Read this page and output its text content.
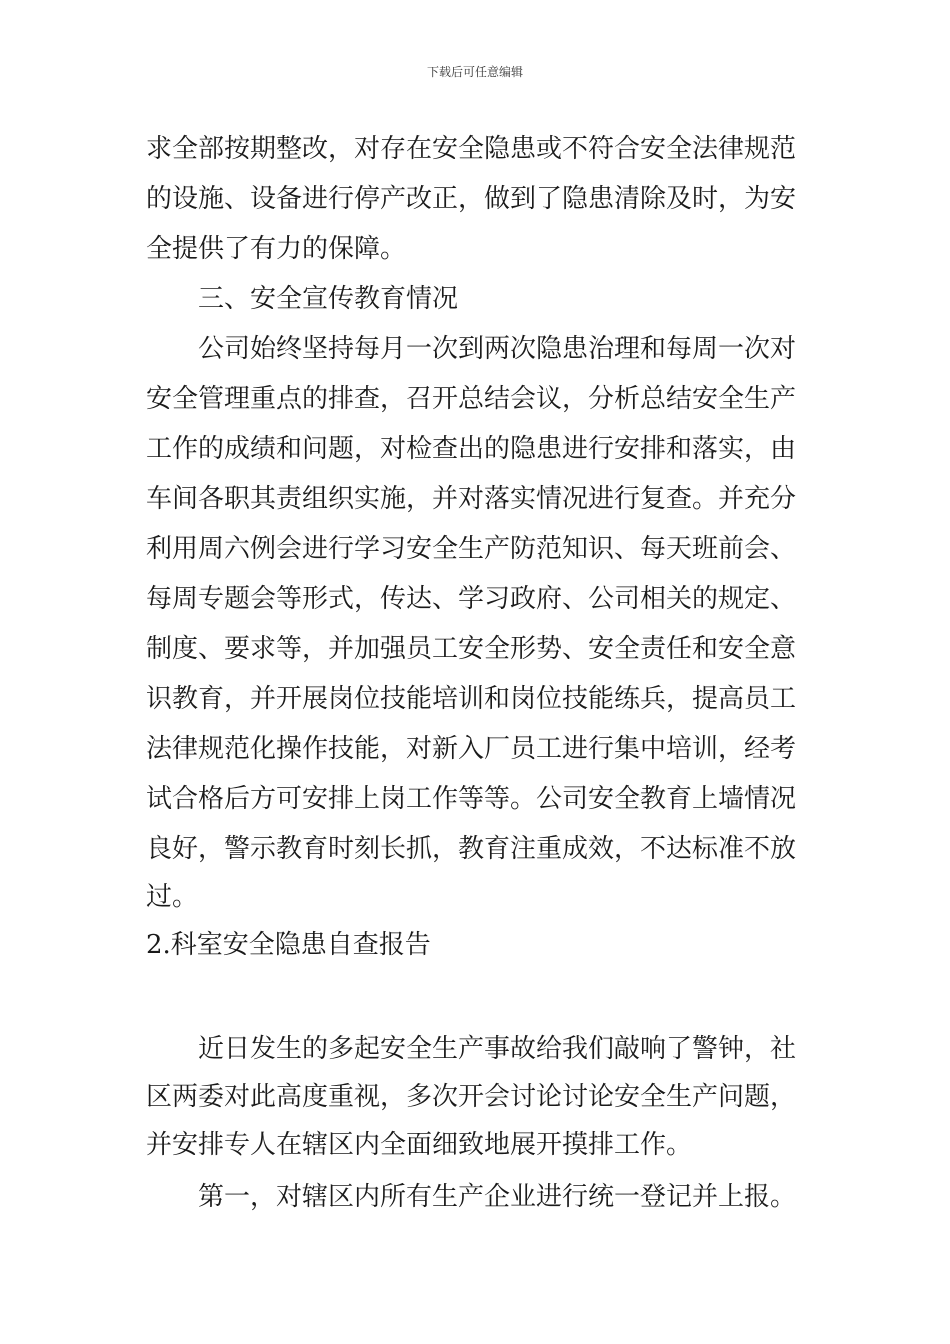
下载后可任意编辑
求全部按期整改，对存在安全隐患或不符合安全法律规范
的设施、设备进行停产改正，做到了隐患清除及时，为安
全提供了有力的保障。
三、安全宣传教育情况
公司始终坚持每月一次到两次隐患治理和每周一次对
安全管理重点的排查，召开总结会议，分析总结安全生产
工作的成绩和问题，对检查出的隐患进行安排和落实，由
车间各职其责组织实施，并对落实情况进行复查。并充分
利用周六例会进行学习安全生产防范知识、每天班前会、
每周专题会等形式，传达、学习政府、公司相关的规定、
制度、要求等，并加强员工安全形势、安全责任和安全意
识教育，并开展岗位技能培训和岗位技能练兵，提高员工
法律规范化操作技能，对新入厂员工进行集中培训，经考
试合格后方可安排上岗工作等等。公司安全教育上墙情况
良好，警示教育时刻长抓，教育注重成效，不达标准不放
过。
2.科室安全隐患自查报告
近日发生的多起安全生产事故给我们敲响了警钟，社
区两委对此高度重视，多次开会讨论讨论安全生产问题，
并安排专人在辖区内全面细致地展开摸排工作。
第一，对辖区内所有生产企业进行统一登记并上报。
